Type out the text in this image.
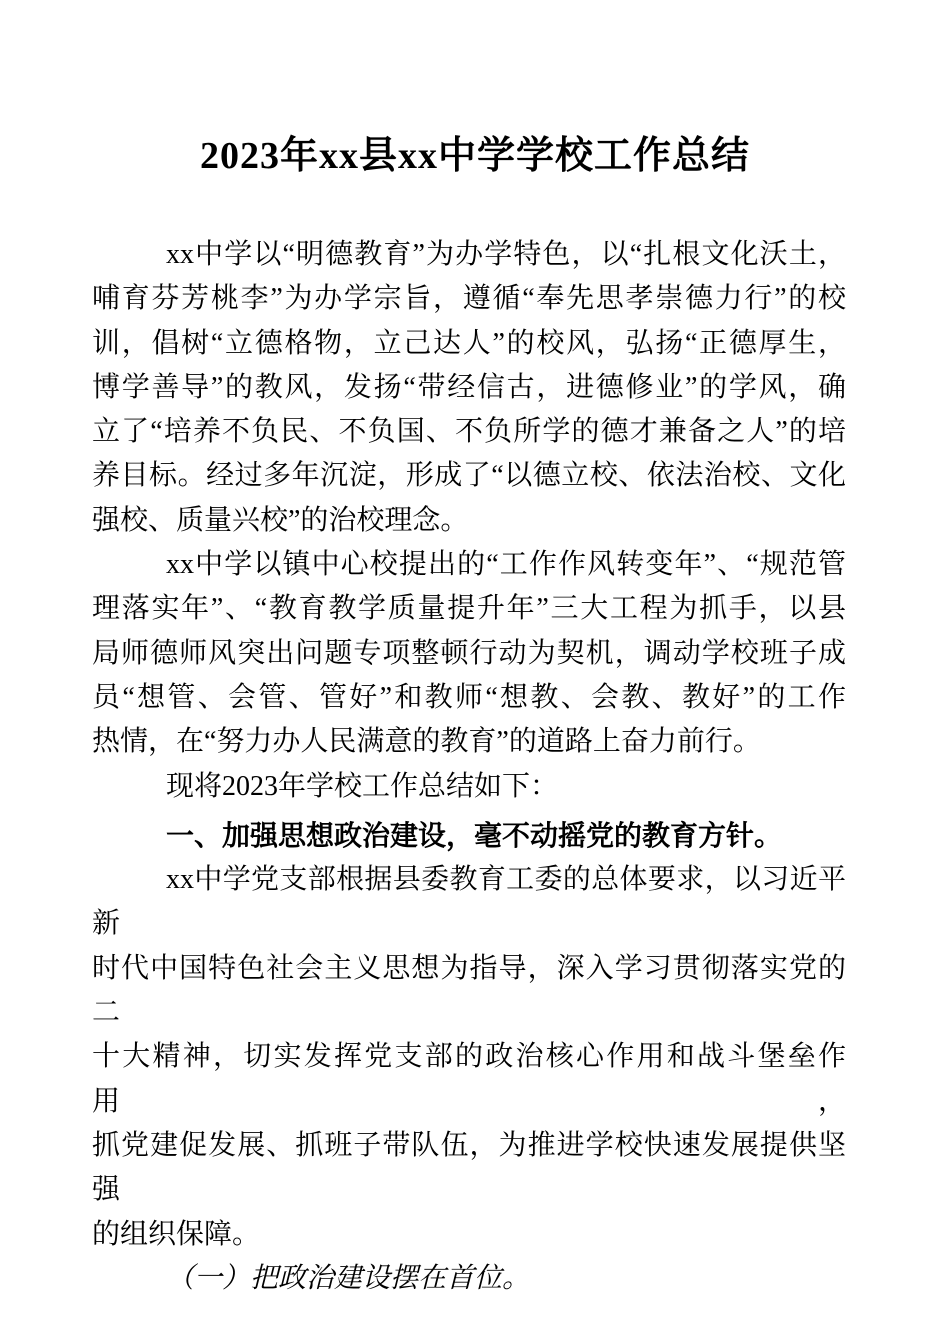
2023年xx县xx中学学校工作总结

xx中学以“明德教育”为办学特色，以“扎根文化沃土，
哺育芬芳桃李”为办学宗旨，遵循“奉先思孝崇德力行”的校
训，倡树“立德格物，立己达人”的校风，弘扬“正德厚生，
博学善导”的教风，发扬“带经信古，进德修业”的学风，确
立了“培养不负民、不负国、不负所学的德才兼备之人”的培
养目标。经过多年沉淀，形成了“以德立校、依法治校、文化
强校、质量兴校”的治校理念。

xx中学以镇中心校提出的“工作作风转变年”、“规范管
理落实年”、“教育教学质量提升年”三大工程为抓手，以县
局师德师风突出问题专项整顿行动为契机，调动学校班子成
员“想管、会管、管好”和教师“想教、会教、教好”的工作
热情，在“努力办人民满意的教育”的道路上奋力前行。

现将2023年学校工作总结如下：

一、加强思想政治建设，毫不动摇党的教育方针。

xx中学党支部根据县委教育工委的总体要求，以习近平新
时代中国特色社会主义思想为指导，深入学习贯彻落实党的二
十大精神，切实发挥党支部的政治核心作用和战斗堡垒作用，
抓党建促发展、抓班子带队伍，为推进学校快速发展提供坚强
的组织保障。

（一）把政治建设摆在首位。
